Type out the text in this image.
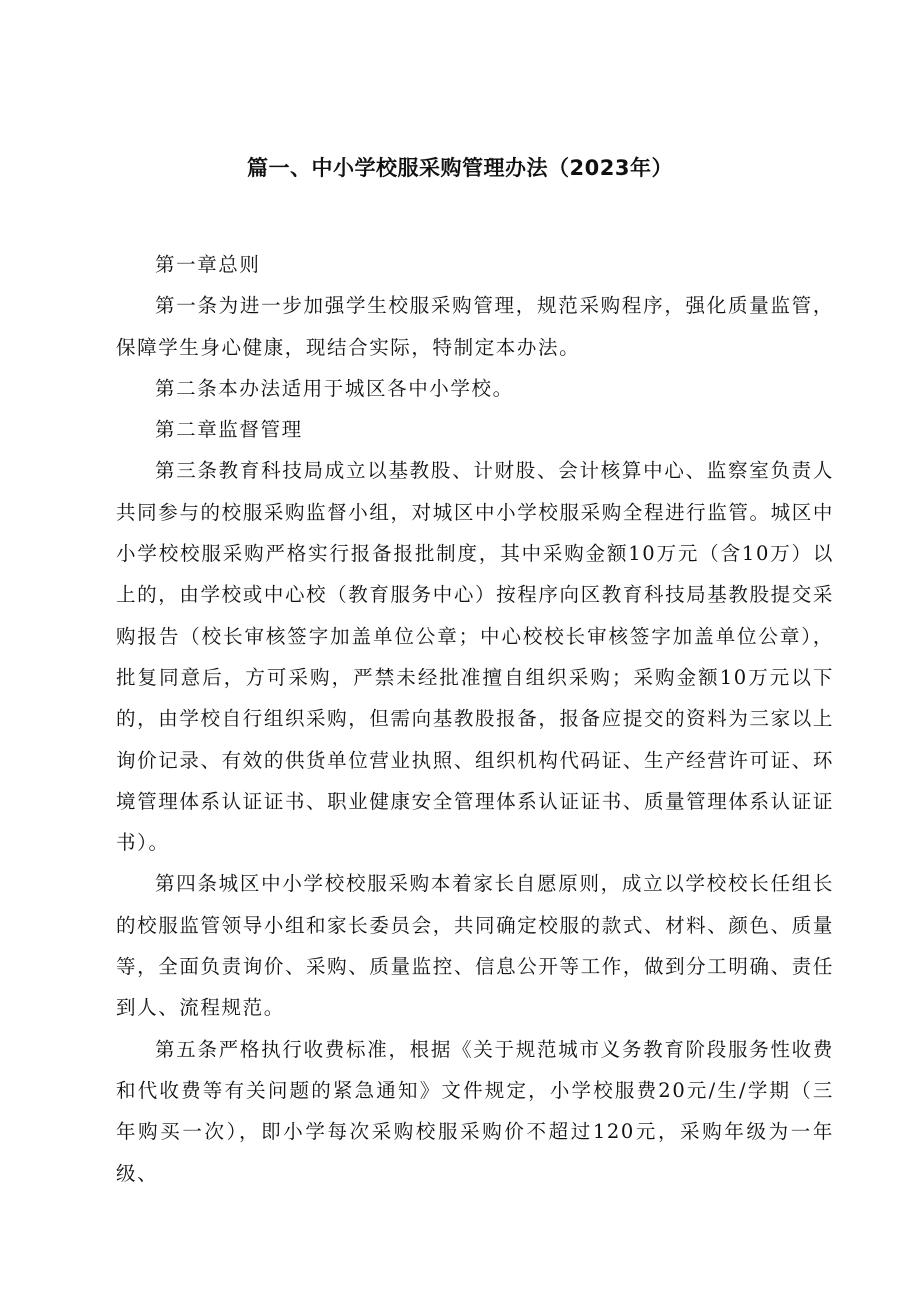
篇一、中小学校服采购管理办法（2023年）

第一章总则

第一条为进一步加强学生校服采购管理，规范采购程序，强化质量监管，保障学生身心健康，现结合实际，特制定本办法。

第二条本办法适用于城区各中小学校。

第二章监督管理

第三条教育科技局成立以基教股、计财股、会计核算中心、监察室负责人共同参与的校服采购监督小组，对城区中小学校服采购全程进行监管。城区中小学校校服采购严格实行报备报批制度，其中采购金额10万元（含10万）以上的，由学校或中心校（教育服务中心）按程序向区教育科技局基教股提交采购报告（校长审核签字加盖单位公章；中心校校长审核签字加盖单位公章），批复同意后，方可采购，严禁未经批准擅自组织采购；采购金额10万元以下的，由学校自行组织采购，但需向基教股报备，报备应提交的资料为三家以上询价记录、有效的供货单位营业执照、组织机构代码证、生产经营许可证、环境管理体系认证证书、职业健康安全管理体系认证证书、质量管理体系认证证书）。

第四条城区中小学校校服采购本着家长自愿原则，成立以学校校长任组长的校服监管领导小组和家长委员会，共同确定校服的款式、材料、颜色、质量等，全面负责询价、采购、质量监控、信息公开等工作，做到分工明确、责任到人、流程规范。

第五条严格执行收费标准，根据《关于规范城市义务教育阶段服务性收费和代收费等有关问题的紧急通知》文件规定，小学校服费20元/生/学期（三年购买一次），即小学每次采购校服采购价不超过120元，采购年级为一年级、
